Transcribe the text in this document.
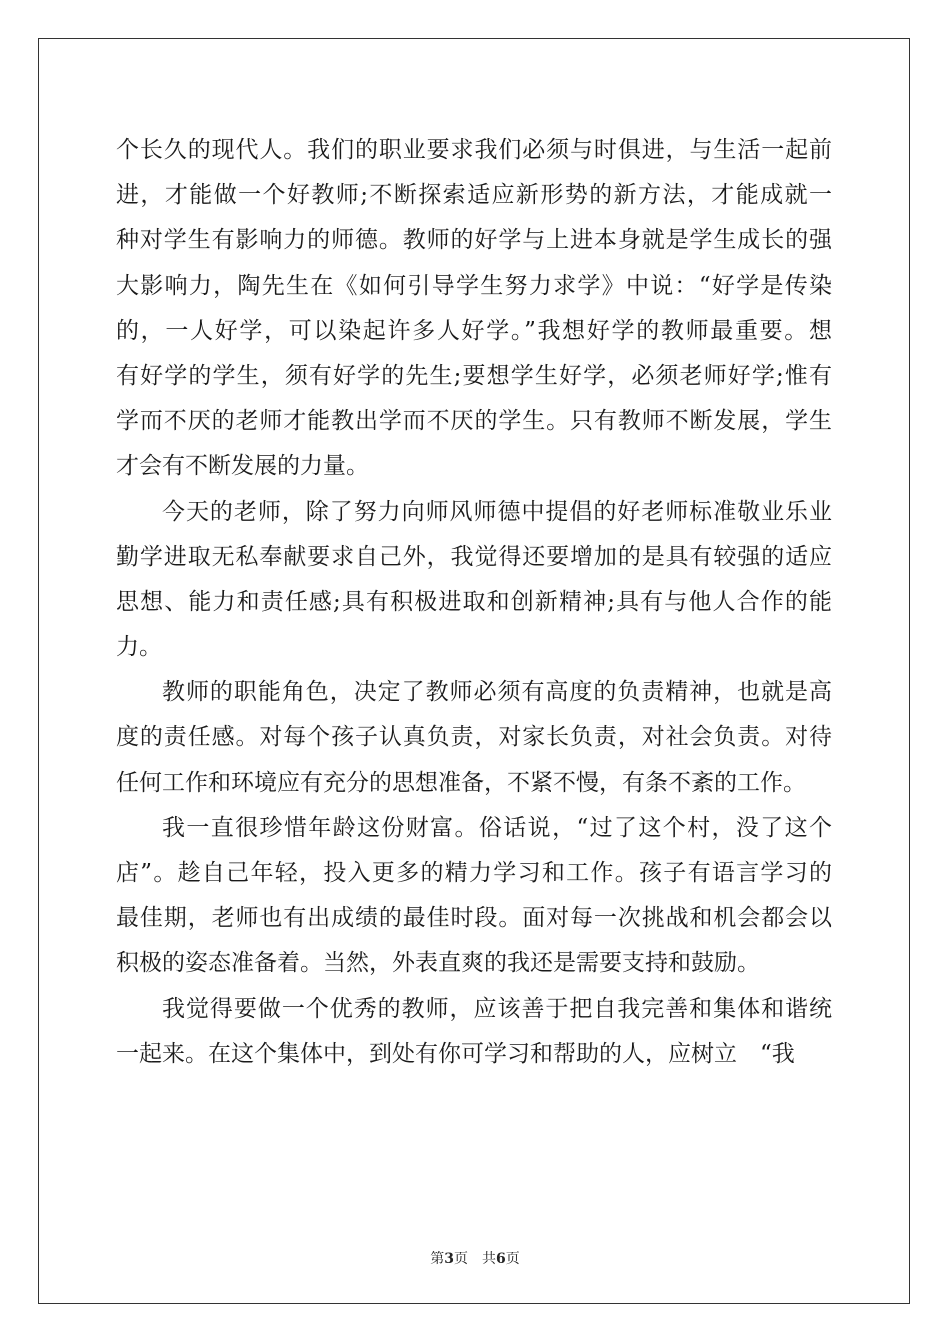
个长久的现代人。我们的职业要求我们必须与时俱进，与生活一起前
进，才能做一个好教师;不断探索适应新形势的新方法，才能成就一
种对学生有影响力的师德。教师的好学与上进本身就是学生成长的强
大影响力，陶先生在《如何引导学生努力求学》中说：“好学是传染
的，一人好学，可以染起许多人好学。”我想好学的教师最重要。想
有好学的学生，须有好学的先生;要想学生好学，必须老师好学;惟有
学而不厌的老师才能教出学而不厌的学生。只有教师不断发展，学生
才会有不断发展的力量。
今天的老师，除了努力向师风师德中提倡的好老师标准敬业乐业
勤学进取无私奉献要求自己外，我觉得还要增加的是具有较强的适应
思想、能力和责任感;具有积极进取和创新精神;具有与他人合作的能
力。
教师的职能角色，决定了教师必须有高度的负责精神，也就是高
度的责任感。对每个孩子认真负责，对家长负责，对社会负责。对待
任何工作和环境应有充分的思想准备，不紧不慢，有条不紊的工作。
我一直很珍惜年龄这份财富。俗话说，“过了这个村，没了这个
店”。趁自己年轻，投入更多的精力学习和工作。孩子有语言学习的
最佳期，老师也有出成绩的最佳时段。面对每一次挑战和机会都会以
积极的姿态准备着。当然，外表直爽的我还是需要支持和鼓励。
我觉得要做一个优秀的教师，应该善于把自我完善和集体和谐统
一起来。在这个集体中，到处有你可学习和帮助的人，应树立　“我
第3页 共6页
